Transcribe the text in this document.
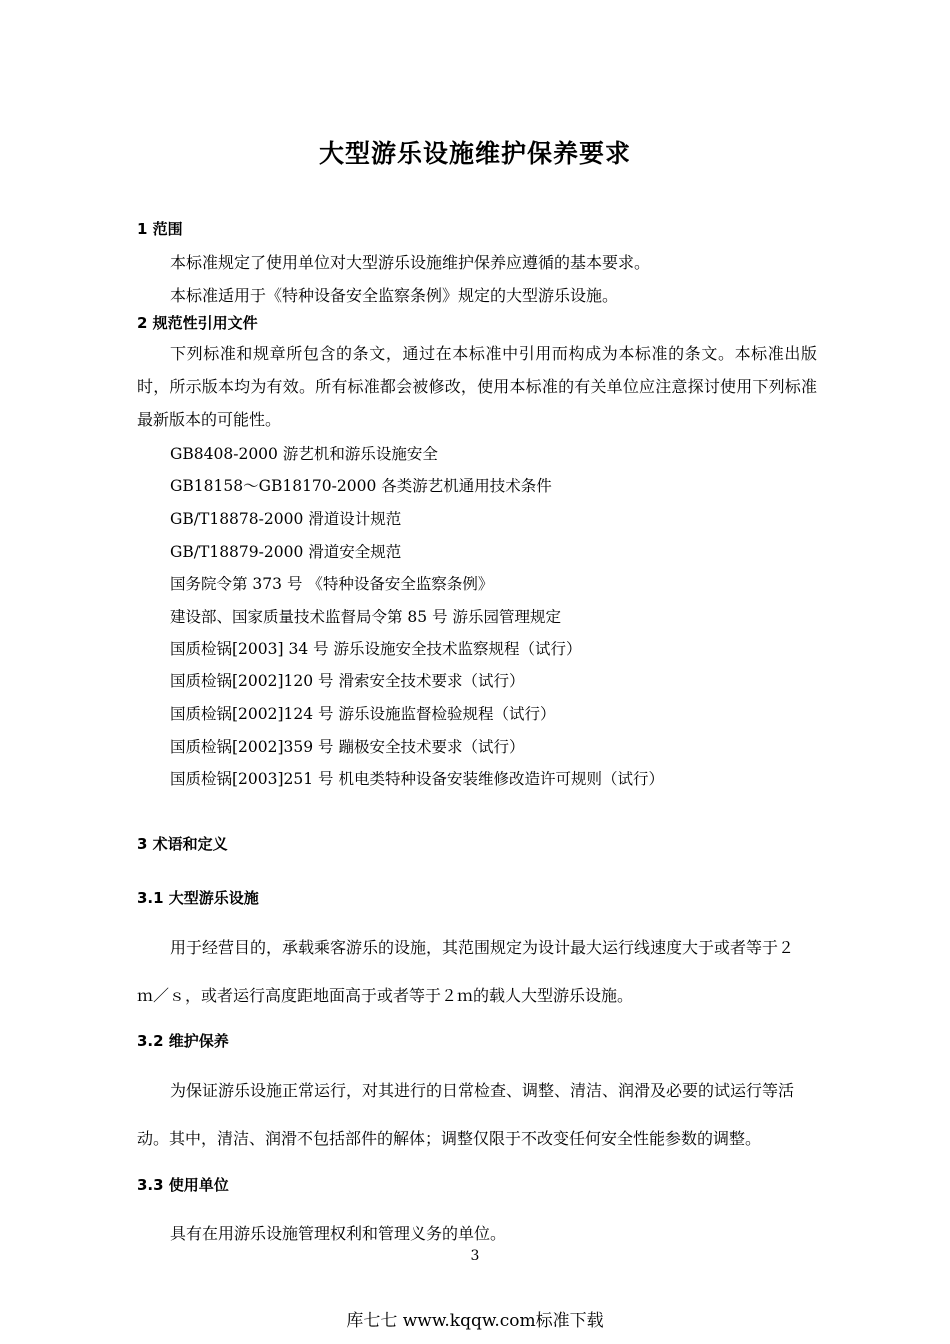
大型游乐设施维护保养要求
1 范围
本标准规定了使用单位对大型游乐设施维护保养应遵循的基本要求。
本标准适用于《特种设备安全监察条例》规定的大型游乐设施。
2 规范性引用文件
下列标准和规章所包含的条文，通过在本标准中引用而构成为本标准的条文。本标准出版时，所示版本均为有效。所有标准都会被修改，使用本标准的有关单位应注意探讨使用下列标准最新版本的可能性。
GB8408-2000 游艺机和游乐设施安全
GB18158～GB18170-2000 各类游艺机通用技术条件
GB/T18878-2000 滑道设计规范
GB/T18879-2000 滑道安全规范
国务院令第 373 号 《特种设备安全监察条例》
建设部、国家质量技术监督局令第 85 号 游乐园管理规定
国质检锅[2003] 34 号 游乐设施安全技术监察规程（试行）
国质检锅[2002]120 号 滑索安全技术要求（试行）
国质检锅[2002]124 号 游乐设施监督检验规程（试行）
国质检锅[2002]359 号 蹦极安全技术要求（试行）
国质检锅[2003]251 号 机电类特种设备安装维修改造许可规则（试行）
3 术语和定义
3.1 大型游乐设施
用于经营目的，承载乘客游乐的设施，其范围规定为设计最大运行线速度大于或者等于２
ｍ／ｓ，或者运行高度距地面高于或者等于２ｍ的载人大型游乐设施。
3.2 维护保养
为保证游乐设施正常运行，对其进行的日常检查、调整、清洁、润滑及必要的试运行等活
动。其中，清洁、润滑不包括部件的解体；调整仅限于不改变任何安全性能参数的调整。
3.3 使用单位
具有在用游乐设施管理权利和管理义务的单位。
3
库七七 www.kqqw.com标准下载
